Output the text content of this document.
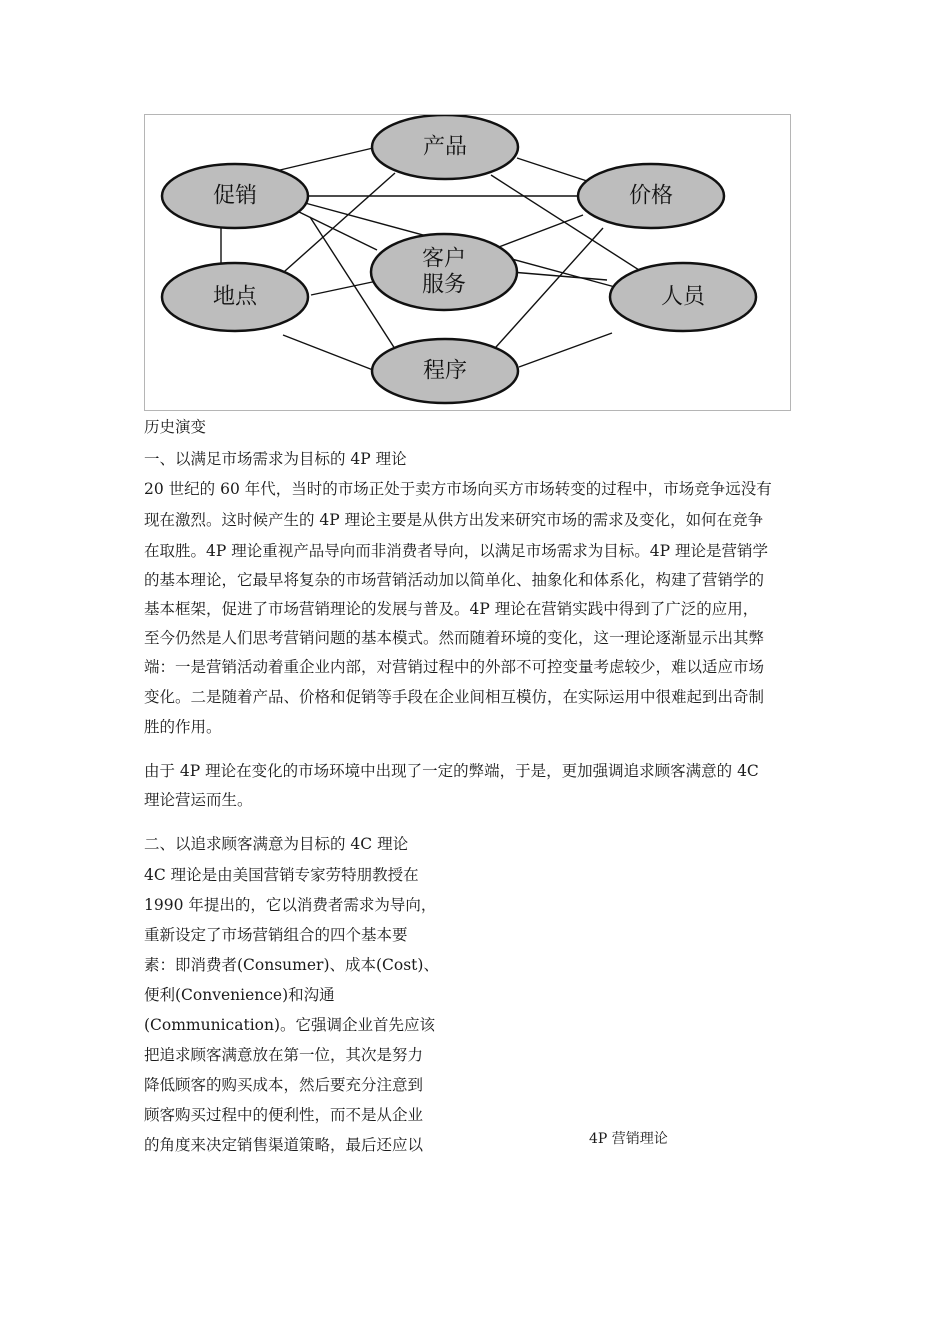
产品
促销	价格
客户
服务
地点	人员
程序
历史演变
一、以满足市场需求为目标的 4P 理论
20 世纪的 60 年代，当时的市场正处于卖方市场向买方市场转变的过程中，市场竞争远没有
现在激烈。这时候产生的 4P 理论主要是从供方出发来研究市场的需求及变化，如何在竞争
在取胜。4P 理论重视产品导向而非消费者导向，以满足市场需求为目标。4P 理论是营销学
的基本理论，它最早将复杂的市场营销活动加以简单化、抽象化和体系化，构建了营销学的
基本框架，促进了市场营销理论的发展与普及。4P 理论在营销实践中得到了广泛的应用，
至今仍然是人们思考营销问题的基本模式。然而随着环境的变化，这一理论逐渐显示出其弊
端：一是营销活动着重企业内部，对营销过程中的外部不可控变量考虑较少，难以适应市场
变化。二是随着产品、价格和促销等手段在企业间相互模仿，在实际运用中很难起到出奇制
胜的作用。
由于 4P 理论在变化的市场环境中出现了一定的弊端，于是，更加强调追求顾客满意的 4C
理论营运而生。
二、以追求顾客满意为目标的 4C 理论
4C 理论是由美国营销专家劳特朋教授在
1990 年提出的，它以消费者需求为导向，
重新设定了市场营销组合的四个基本要
素：即消费者(Consumer)、成本(Cost)、
便利(Convenience)和沟通
(Communication)。它强调企业首先应该
把追求顾客满意放在第一位，其次是努力
降低顾客的购买成本，然后要充分注意到
顾客购买过程中的便利性，而不是从企业
的角度来决定销售渠道策略，最后还应以	4P 营销理论
